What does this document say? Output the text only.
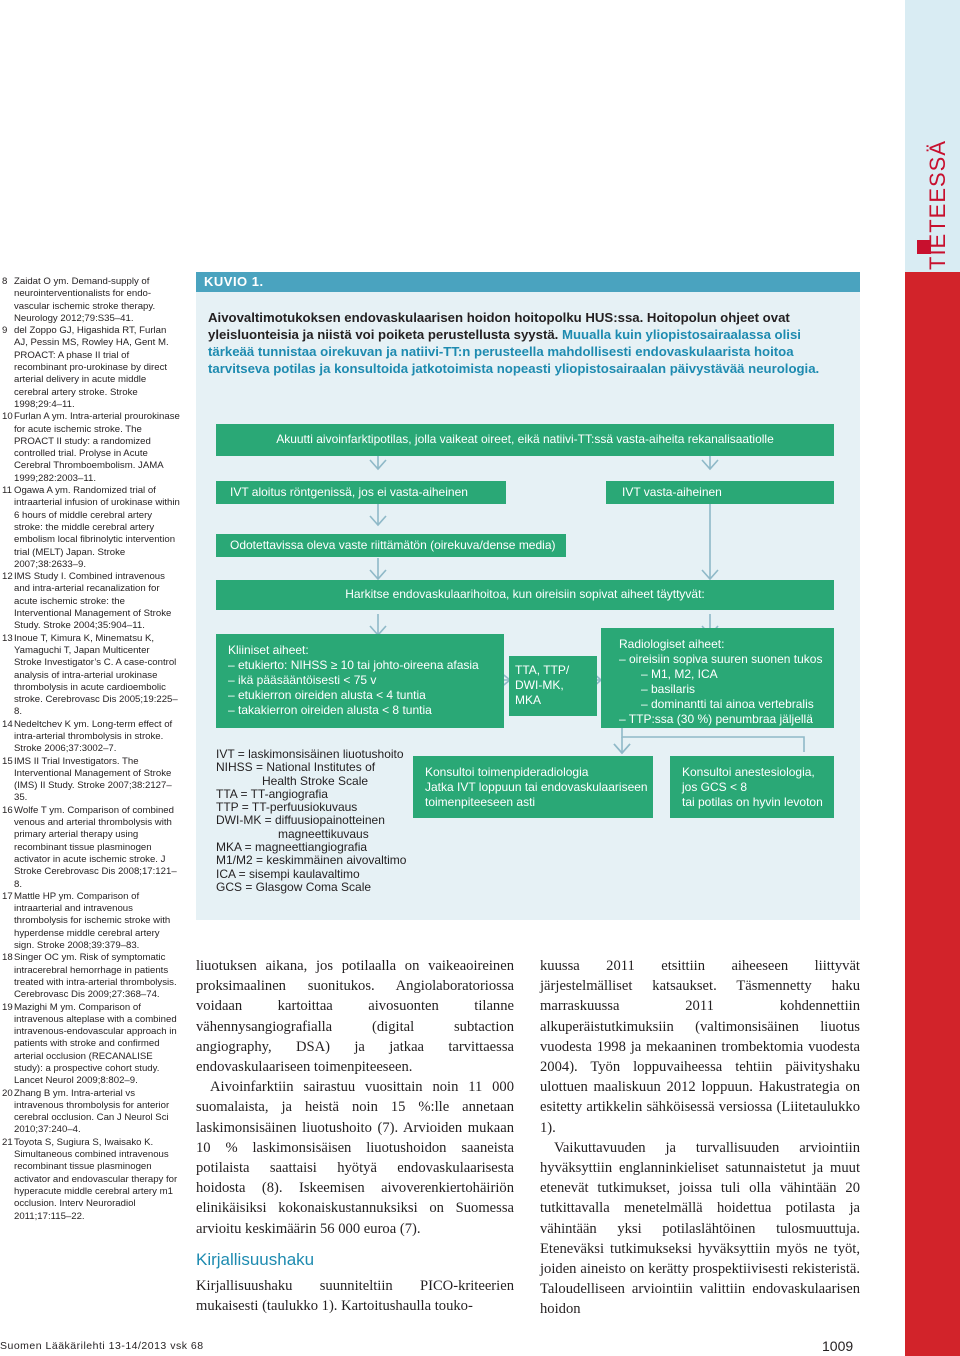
TIETEESSÄ

8 Zaidat O ym. Demand-supply of neurointerventionalists for endo-vascular ischemic stroke therapy. Neurology 2012;79:S35–41.

9 del Zoppo GJ, Higashida RT, Furlan AJ, Pessin MS, Rowley HA, Gent M. PROACT: A phase II trial of recombinant pro-urokinase by direct arterial delivery in acute middle cerebral artery stroke. Stroke 1998;29:4–11.

10 Furlan A ym. Intra-arterial prourokinase for acute ischemic stroke. The PROACT II study: a randomized controlled trial. Prolyse in Acute Cerebral Thromboembolism. JAMA 1999;282:2003–11.

11 Ogawa A ym. Randomized trial of intraarterial infusion of urokinase within 6 hours of middle cerebral artery stroke: the middle cerebral artery embolism local fibrinolytic intervention trial (MELT) Japan. Stroke 2007;38:2633–9.

12 IMS Study I. Combined intravenous and intra-arterial recanalization for acute ischemic stroke: the Interventional Management of Stroke Study. Stroke 2004;35:904–11.

13 Inoue T, Kimura K, Minematsu K, Yamaguchi T, Japan Multicenter Stroke Investigator’s C. A case-control analysis of intra-arterial urokinase thrombolysis in acute cardioembolic stroke. Cerebrovasc Dis 2005;19:225–8.

14 Nedeltchev K ym. Long-term effect of intra-arterial thrombolysis in stroke. Stroke 2006;37:3002–7.

15 IMS II Trial Investigators. The Interventional Management of Stroke (IMS) II Study. Stroke 2007;38:2127–35.

16 Wolfe T ym. Comparison of combined venous and arterial thrombolysis with primary arterial therapy using recombinant tissue plasminogen activator in acute ischemic stroke. J Stroke Cerebrovasc Dis 2008;17:121–8.

17 Mattle HP ym. Comparison of intraarterial and intravenous thrombolysis for ischemic stroke with hyperdense middle cerebral artery sign. Stroke 2008;39:379–83.

18 Singer OC ym. Risk of symptomatic intracerebral hemorrhage in patients treated with intra-arterial thrombolysis. Cerebrovasc Dis 2009;27:368–74.

19 Mazighi M ym. Comparison of intravenous alteplase with a combined intravenous-endovascular approach in patients with stroke and confirmed arterial occlusion (RECANALISE study): a prospective cohort study. Lancet Neurol 2009;8:802–9.

20 Zhang B ym. Intra-arterial vs intravenous thrombolysis for anterior cerebral occlusion. Can J Neurol Sci 2010;37:240–4.

21 Toyota S, Sugiura S, Iwaisako K. Simultaneous combined intravenous recombinant tissue plasminogen activator and endovascular therapy for hyperacute middle cerebral artery m1 occlusion. Interv Neuroradiol 2011;17:115–22.

KUVIO 1.
Aivovaltimotukoksen endovaskulaarisen hoidon hoitopolku HUS:ssa. Hoitopolun ohjeet ovat yleisluonteisia ja niistä voi poiketa perustellusta syystä. Muualla kuin yliopistosairaalassa olisi tärkeää tunnistaa oirekuvan ja natiivi-TT:n perusteella mahdollisesti endovaskulaarista hoitoa tarvitseva potilas ja konsultoida jatkotoimista nopeasti yliopistosairaalan päivystävää neurologia.
Akuutti aivoinfarktipotilas, jolla vaikeat oireet, eikä natiivi-TT:ssä vasta-aiheita rekanalisaatiolle
IVT aloitus röntgenissä, jos ei vasta-aiheinen	IVT vasta-aiheinen
Odotettavissa oleva vaste riittämätön (oirekuva/dense media)
Harkitse endovaskulaarihoitoa, kun oireisiin sopivat aiheet täyttyvät:
Kliiniset aiheet:
– etukierto: NIHSS ≥ 10 tai johto-oireena afasia
– ikä pääsääntöisesti < 75 v
– etukierron oireiden alusta < 4 tuntia
– takakierron oireiden alusta < 8 tuntia
TTA, TTP/
DWI-MK,
MKA
Radiologiset aiheet:
– oireisiin sopiva suuren suonen tukos
– M1, M2, ICA
– basilaris
– dominantti tai ainoa vertebralis
– TTP:ssa (30 %) penumbraa jäljellä
IVT = laskimonsisäinen liuotushoito
NIHSS = National Institutes of
Health Stroke Scale
TTA = TT-angiografia
TTP = TT-perfuusiokuvaus
DWI-MK = diffuusiopainotteinen
magneettikuvaus
MKA = magneettiangiografia
M1/M2 = keskimmäinen aivovaltimo
ICA = sisempi kaulavaltimo
GCS = Glasgow Coma Scale
Konsultoi toimenpideradiologia
Jatka IVT loppuun tai endovaskulaariseen
toimenpiteeseen asti
Konsultoi anestesiologia,
jos GCS < 8
tai potilas on hyvin levoton

liuotuksen aikana, jos potilaalla on vaikeaoireinen proksimaalinen suonitukos. Angiolaboratoriossa voidaan kartoittaa aivosuonten tilanne vähennysangiografialla (digital subtaction angiography, DSA) ja jatkaa tarvittaessa endovaskulaariseen toimenpiteeseen.

Aivoinfarktiin sairastuu vuosittain noin 11 000 suomalaista, ja heistä noin 15 %:lle annetaan laskimonsisäinen liuotushoito (7). Arvioiden mukaan 10 % laskimonsisäisen liuotushoidon saaneista potilaista saattaisi hyötyä endovaskulaarisesta hoidosta (8). Iskeemisen aivoverenkiertohäiriön elinikäisiksi kokonaiskustannuksiksi on Suomessa arvioitu keskimäärin 56 000 euroa (7).

Kirjallisuushaku

Kirjallisuushaku suunniteltiin PICO-kriteerien mukaisesti (taulukko 1). Kartoitushaulla touko-

kuussa 2011 etsittiin aiheeseen liittyvät järjestelmälliset katsaukset. Täsmennetty haku marraskuussa 2011 kohdennettiin alkuperäistutkimuksiin (valtimonsisäinen liuotus vuodesta 1998 ja mekaaninen trombektomia vuodesta 2004). Työn loppuvaiheessa tehtiin päivityshaku ulottuen maaliskuun 2012 loppuun. Hakustrategia on esitetty artikkelin sähköisessä versiossa (Liitetaulukko 1).

Vaikuttavuuden ja turvallisuuden arviointiin hyväksyttiin englanninkieliset satunnaistetut ja muut etenevät tutkimukset, joissa tuli olla vähintään 20 tutkittavalla menetelmällä hoidettua potilasta ja vähintään yksi potilaslähtöinen tulosmuuttuja. Eteneväksi tutkimukseksi hyväksyttiin myös ne työt, joiden aineisto on kerätty prospektiivisesti rekisteristä. Taloudelliseen arviointiin valittiin endovaskulaarisen hoidon

Suomen Lääkärilehti 13-14/2013 vsk 68	1009
